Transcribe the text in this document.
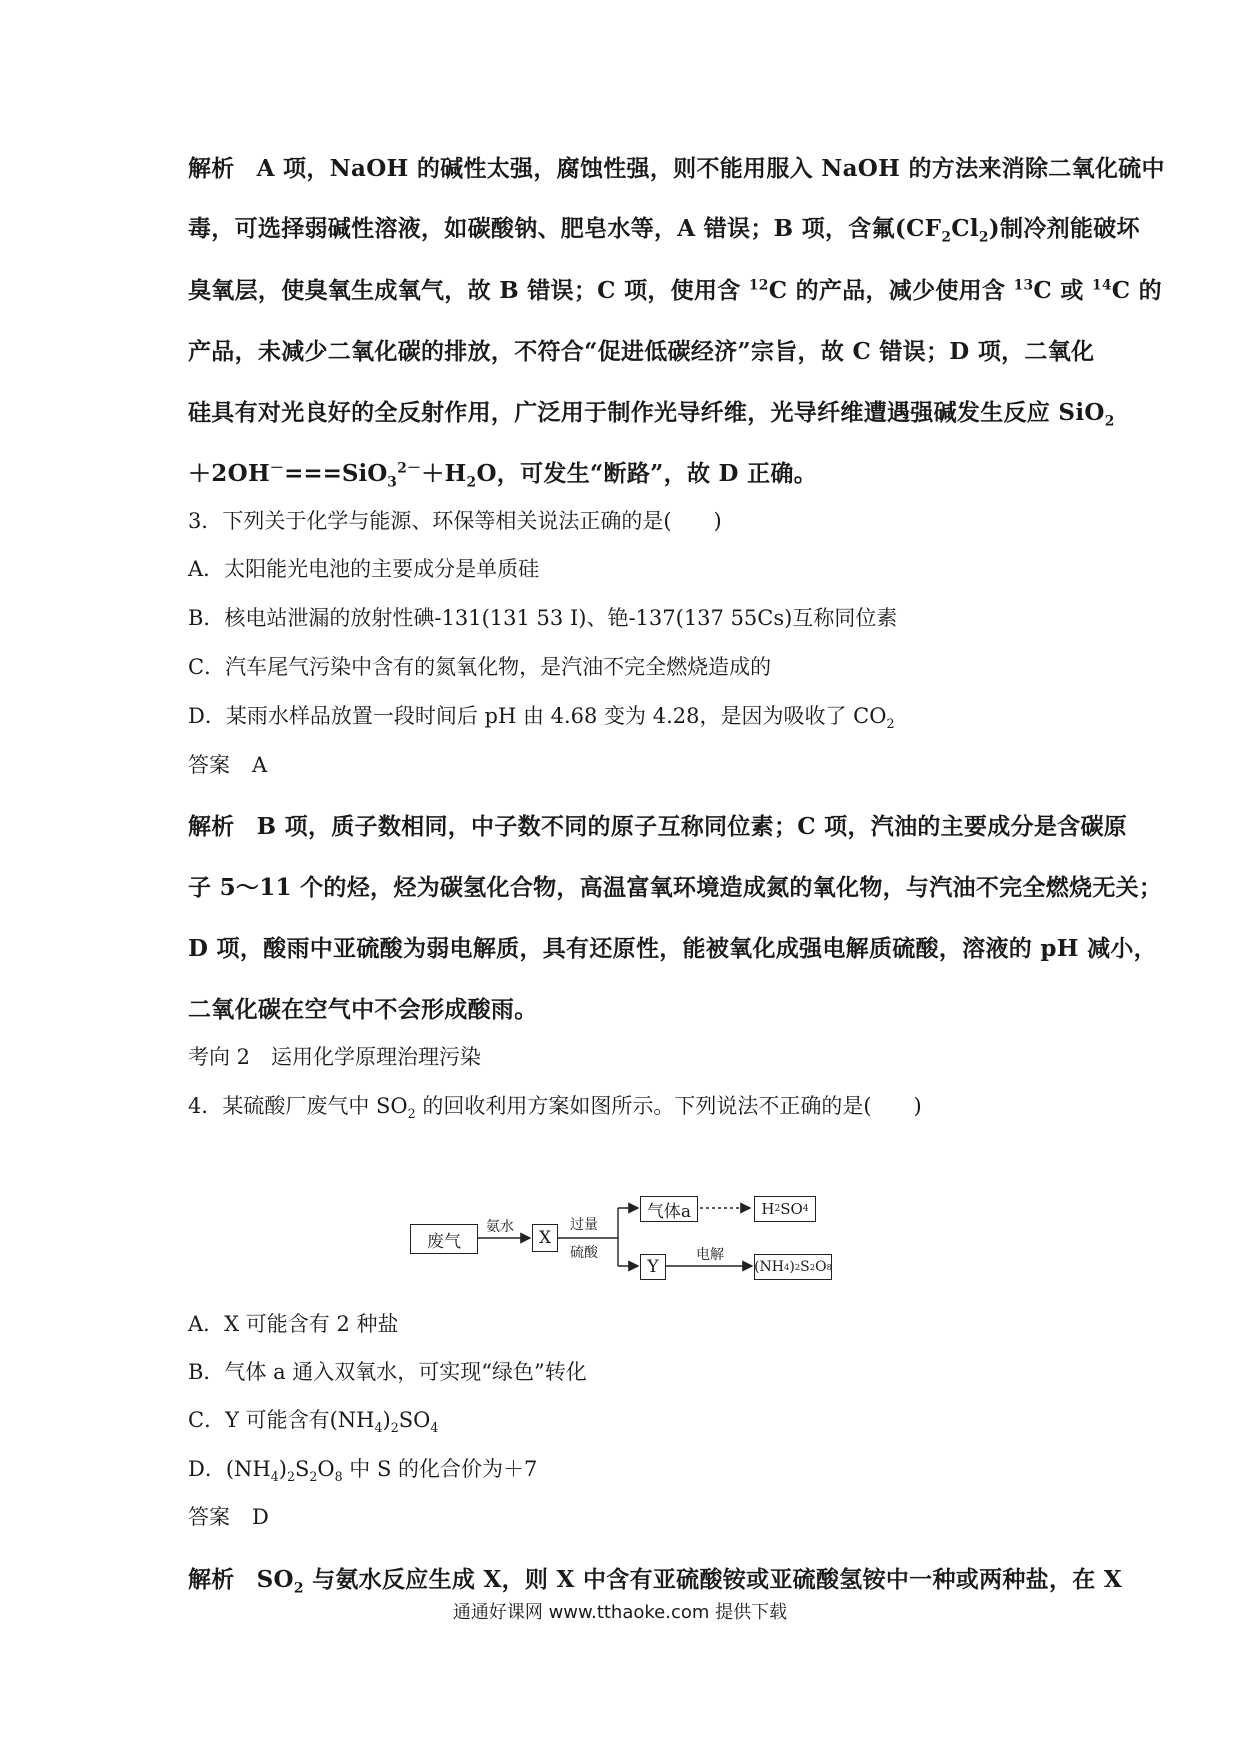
解析 A 项，NaOH 的碱性太强，腐蚀性强，则不能用服入 NaOH 的方法来消除二氧化硫中
毒，可选择弱碱性溶液，如碳酸钠、肥皂水等，A 错误；B 项，含氟$(CF_2Cl_2)$制冷剂能破坏
臭氧层，使臭氧生成氧气，故 B 错误；C 项，使用含 $^{12}$C 的产品，减少使用含 $^{13}$C 或 $^{14}$C 的
产品，未减少二氧化碳的排放，不符合“促进低碳经济”宗旨，故 C 错误；D 项，二氧化
硅具有对光良好的全反射作用，广泛用于制作光导纤维，光导纤维遭遇强碱发生反应 SiO$_2$
$+2OH^-===SiO_3^{2-}+H_2O$，可发生“断路”，故 D 正确。
3．下列关于化学与能源、环保等相关说法正确的是(　　)
A．太阳能光电池的主要成分是单质硅
B．核电站泄漏的放射性碘-131(131 53 I)、铯-137(137 55Cs)互称同位素
C．汽车尾气污染中含有的氮氧化物，是汽油不完全燃烧造成的
D．某雨水样品放置一段时间后 pH 由 4.68 变为 4.28，是因为吸收了 $CO_2$
答案 A
解析 B 项，质子数相同，中子数不同的原子互称同位素；C 项，汽油的主要成分是含碳原
子 5～11 个的烃，烃为碳氢化合物，高温富氧环境造成氮的氧化物，与汽油不完全燃烧无关；
D 项，酸雨中亚硫酸为弱电解质，具有还原性，能被氧化成强电解质硫酸，溶液的 pH 减小，
二氧化碳在空气中不会形成酸雨。
考向 2　运用化学原理治理污染
4．某硫酸厂废气中 $SO_2$ 的回收利用方案如图所示。下列说法不正确的是(　　)
废气
氨水
X
过量
硫酸
气体a	H 2 SO 4
Y
电解
(NH 4 ) 2 S 2 O 8
A．X 可能含有 2 种盐
B．气体 a 通入双氧水，可实现“绿色”转化
C．Y 可能含有$(NH_4)_2SO_4$
D．$(NH_4)_2S_2O_8$ 中 S 的化合价为＋7
答案 D
解析 $SO_2$ 与氨水反应生成 X，则 X 中含有亚硫酸铵或亚硫酸氢铵中一种或两种盐，在 X
通通好课网 www.tthaoke.com 提供下载
